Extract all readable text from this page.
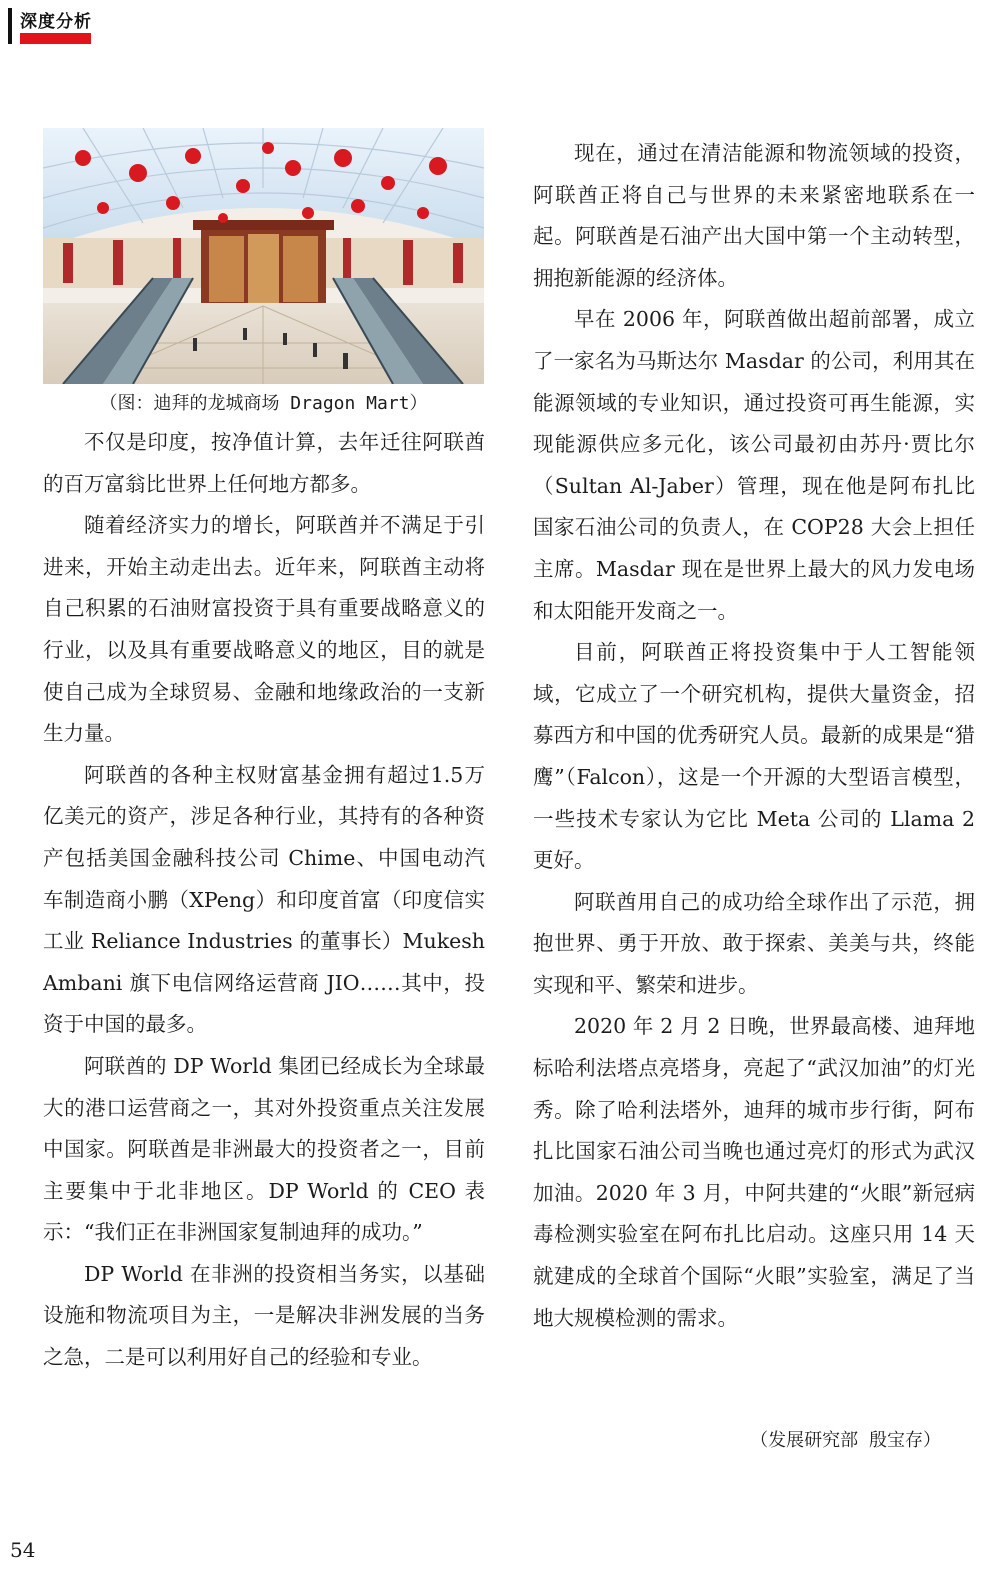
深度分析
（图：迪拜的龙城商场 Dragon Mart）

不仅是印度，按净值计算，去年迁往阿联酋的百万富翁比世界上任何地方都多。

随着经济实力的增长，阿联酋并不满足于引进来，开始主动走出去。近年来，阿联酋主动将自己积累的石油财富投资于具有重要战略意义的行业，以及具有重要战略意义的地区，目的就是使自己成为全球贸易、金融和地缘政治的一支新生力量。

阿联酋的各种主权财富基金拥有超过1.5万亿美元的资产，涉足各种行业，其持有的各种资产包括美国金融科技公司 Chime、中国电动汽车制造商小鹏（XPeng）和印度首富（印度信实工业 Reliance Industries 的董事长）Mukesh Ambani 旗下电信网络运营商 JIO……其中，投资于中国的最多。

阿联酋的 DP World 集团已经成长为全球最大的港口运营商之一，其对外投资重点关注发展中国家。阿联酋是非洲最大的投资者之一，目前主要集中于北非地区。DP World 的 CEO 表示：“我们正在非洲国家复制迪拜的成功。”

DP World 在非洲的投资相当务实，以基础设施和物流项目为主，一是解决非洲发展的当务之急，二是可以利用好自己的经验和专业。

现在，通过在清洁能源和物流领域的投资，阿联酋正将自己与世界的未来紧密地联系在一起。阿联酋是石油产出大国中第一个主动转型，拥抱新能源的经济体。

早在 2006 年，阿联酋做出超前部署，成立了一家名为马斯达尔 Masdar 的公司，利用其在能源领域的专业知识，通过投资可再生能源，实现能源供应多元化，该公司最初由苏丹·贾比尔（Sultan Al-Jaber）管理，现在他是阿布扎比国家石油公司的负责人，在 COP28 大会上担任主席。Masdar 现在是世界上最大的风力发电场和太阳能开发商之一。

目前，阿联酋正将投资集中于人工智能领域，它成立了一个研究机构，提供大量资金，招募西方和中国的优秀研究人员。最新的成果是“猎鹰”（Falcon），这是一个开源的大型语言模型，一些技术专家认为它比 Meta 公司的 Llama 2 更好。

阿联酋用自己的成功给全球作出了示范，拥抱世界、勇于开放、敢于探索、美美与共，终能实现和平、繁荣和进步。

2020 年 2 月 2 日晚，世界最高楼、迪拜地标哈利法塔点亮塔身，亮起了“武汉加油”的灯光秀。除了哈利法塔外，迪拜的城市步行街，阿布扎比国家石油公司当晚也通过亮灯的形式为武汉加油。2020 年 3 月，中阿共建的“火眼”新冠病毒检测实验室在阿布扎比启动。这座只用 14 天就建成的全球首个国际“火眼”实验室，满足了当地大规模检测的需求。

（发展研究部 殷宝存）
54
